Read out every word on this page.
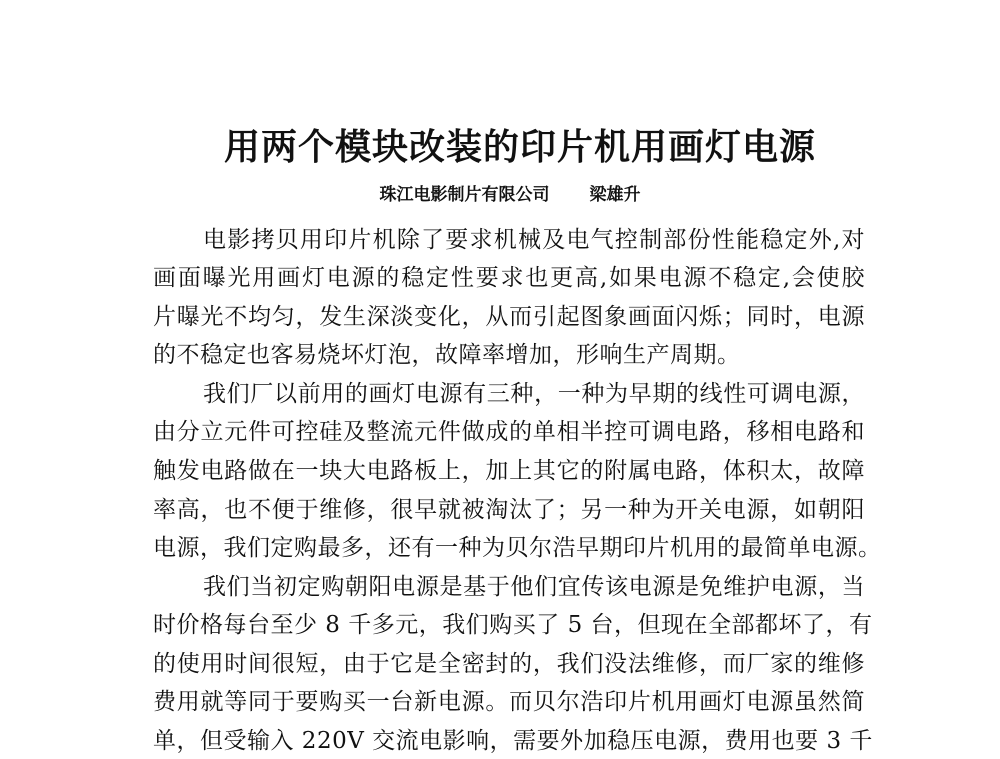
用两个模块改装的印片机用画灯电源
珠江电影制片有限公司 梁雄升
电影拷贝用印片机除了要求机械及电气控制部份性能稳定外,对
画面曝光用画灯电源的稳定性要求也更高,如果电源不稳定,会使胶
片曝光不均匀，发生深淡变化，从而引起图象画面闪烁；同时，电源
的不稳定也客易烧坏灯泡，故障率增加，形响生产周期。
我们厂以前用的画灯电源有三种，一种为早期的线性可调电源，
由分立元件可控硅及整流元件做成的单相半控可调电路，移相电路和
触发电路做在一块大电路板上，加上其它的附属电路，体积太，故障
率高，也不便于维修，很早就被淘汰了；另一种为开关电源，如朝阳
电源，我们定购最多，还有一种为贝尔浩早期印片机用的最简单电源。
我们当初定购朝阳电源是基于他们宜传该电源是免维护电源，当
时价格每台至少 8 千多元，我们购买了 5 台，但现在全部都坏了，有
的使用时间很短，由于它是全密封的，我们没法维修，而厂家的维修
费用就等同于要购买一台新电源。而贝尔浩印片机用画灯电源虽然简
单，但受输入 220V 交流电影响，需要外加稳压电源，费用也要 3 千
